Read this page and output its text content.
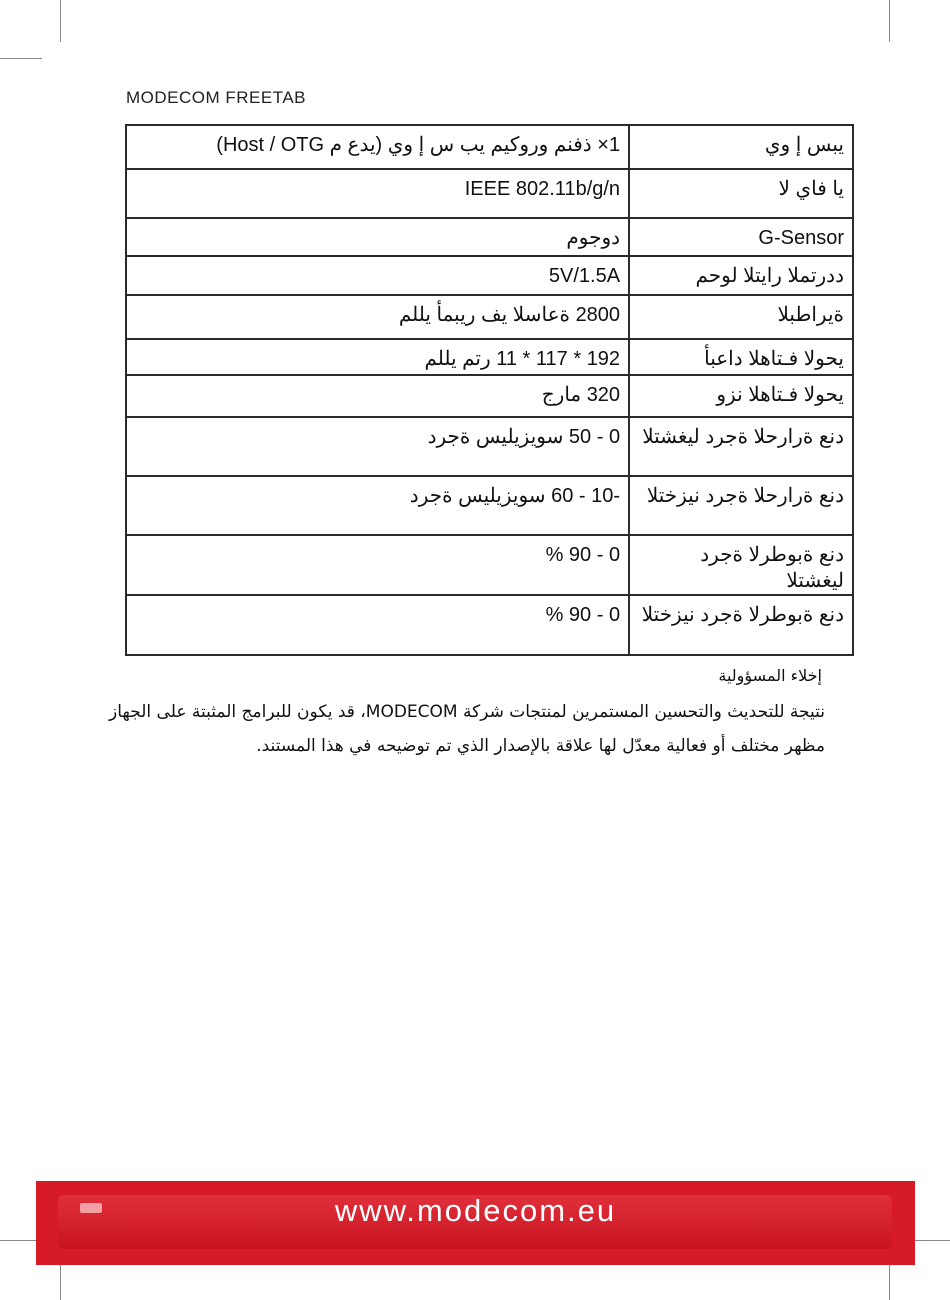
MODECOM FREETAB
1× ذفنم وروكيم يب س إ وي (يدع م Host / OTG)	يبس إ وي
IEEE 802.11b/g/n	يا فاي لا
دوجوم	G-Sensor
5V/1.5A	ددرتملا رايتلا لوحم
2800 ةعاسلا يف ريبمأ يللم	ةيراطبلا
192 * 117 * 11 رتم يللم	يحولا فـتاهلا داعبأ
320 مارج	يحولا فـتاهلا نزو
0 - 50 سويزيليس ةجرد	دنع ةرارحلا ةجرد ليغشتلا
-10 - 60 سويزيليس ةجرد	دنع ةرارحلا ةجرد نيزختلا
0 - 90 %	دنع ةبوطرلا ةجرد ليغشتلا
0 - 90 %	دنع ةبوطرلا ةجرد نيزختلا
إخلاء المسؤولية
نتيجة للتحديث والتحسين المستمرين لمنتجات شركة MODECOM، قد يكون للبرامج المثبتة على الجهاز مظهر مختلف أو فعالية معدّل لها علاقة بالإصدار الذي تم توضيحه في هذا المستند.
www.modecom.eu
